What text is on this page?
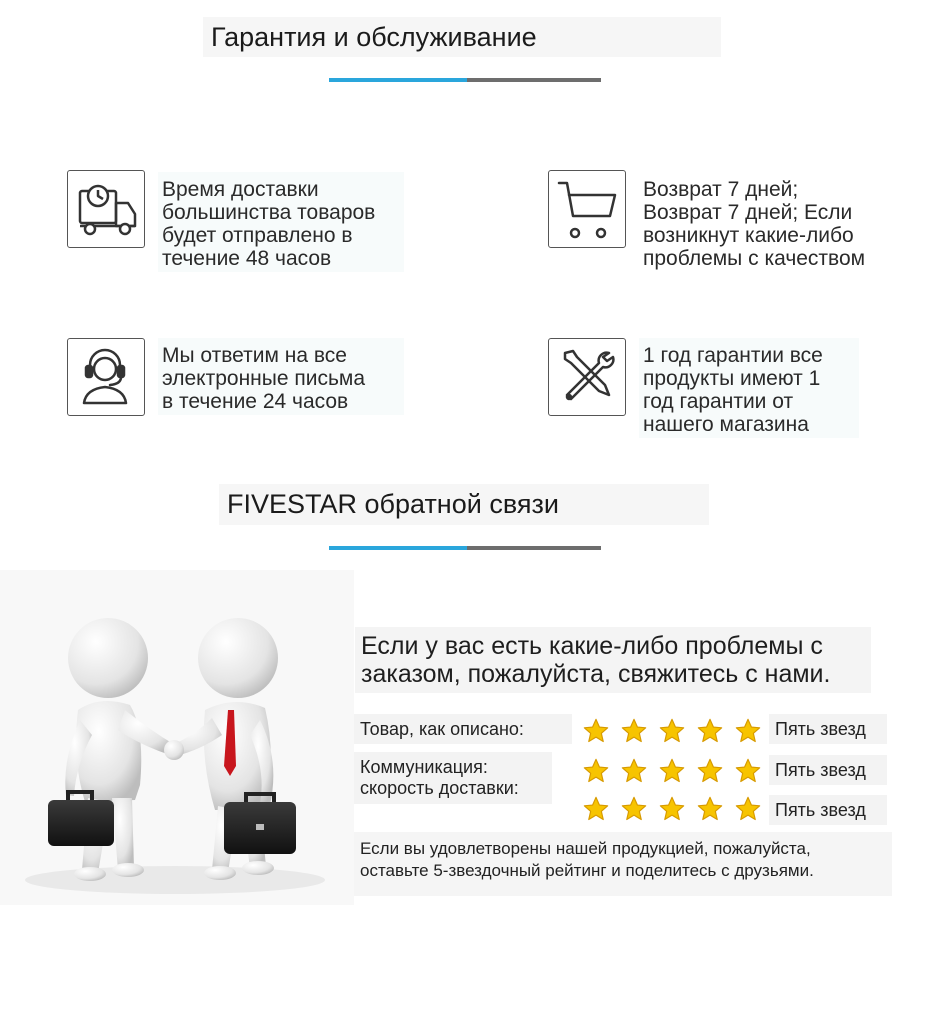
Гарантия и обслуживание
Время доставки
большинства товаров
будет отправлено в
течение 48 часов
Возврат 7 дней;
Возврат 7 дней; Если
возникнут какие-либо
проблемы с качеством
Мы ответим на все
электронные письма
в течение 24 часов
1 год гарантии все
продукты имеют 1
год гарантии от
нашего магазина
FIVESTAR обратной связи
Если у вас есть какие-либо проблемы с
заказом, пожалуйста, свяжитесь с нами.
Товар, как описано:
Коммуникация:
скорость доставки:
Пять звезд
Пять звезд
Пять звезд
Если вы удовлетворены нашей продукцией, пожалуйста,
оставьте 5-звездочный рейтинг и поделитесь с друзьями.
